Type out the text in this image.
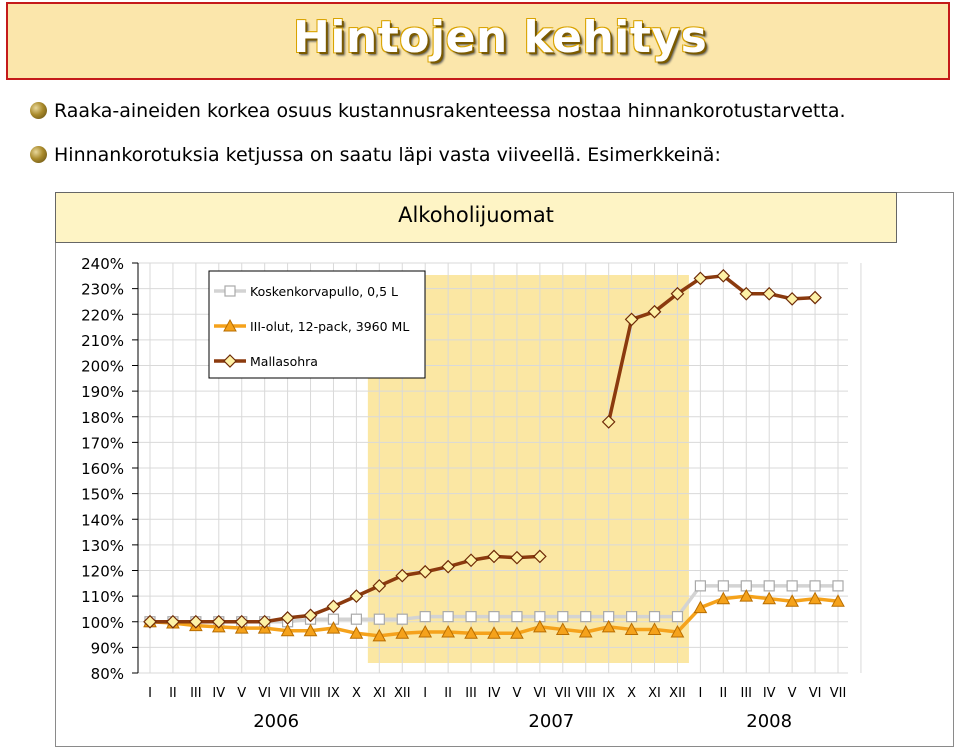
Hintojen kehitys
Raaka-aineiden korkea osuus kustannusrakenteessa nostaa hinnankorotustarvetta.
Hinnankorotuksia ketjussa on saatu läpi vasta viiveellä. Esimerkkeinä:
Alkoholijuomat
80%
90%
100%
110%
120%
130%
140%
150%
160%
170%
180%
190%
200%
210%
220%
230%
240%
I II III IV V VI VII VIII IX X XI XII I II III IV V VI VII VIII IX X XI XII I II III IV V VI VII
2006	2007	2008
Koskenkorvapullo, 0,5 L
III-olut, 12-pack, 3960 ML
Mallasohra
